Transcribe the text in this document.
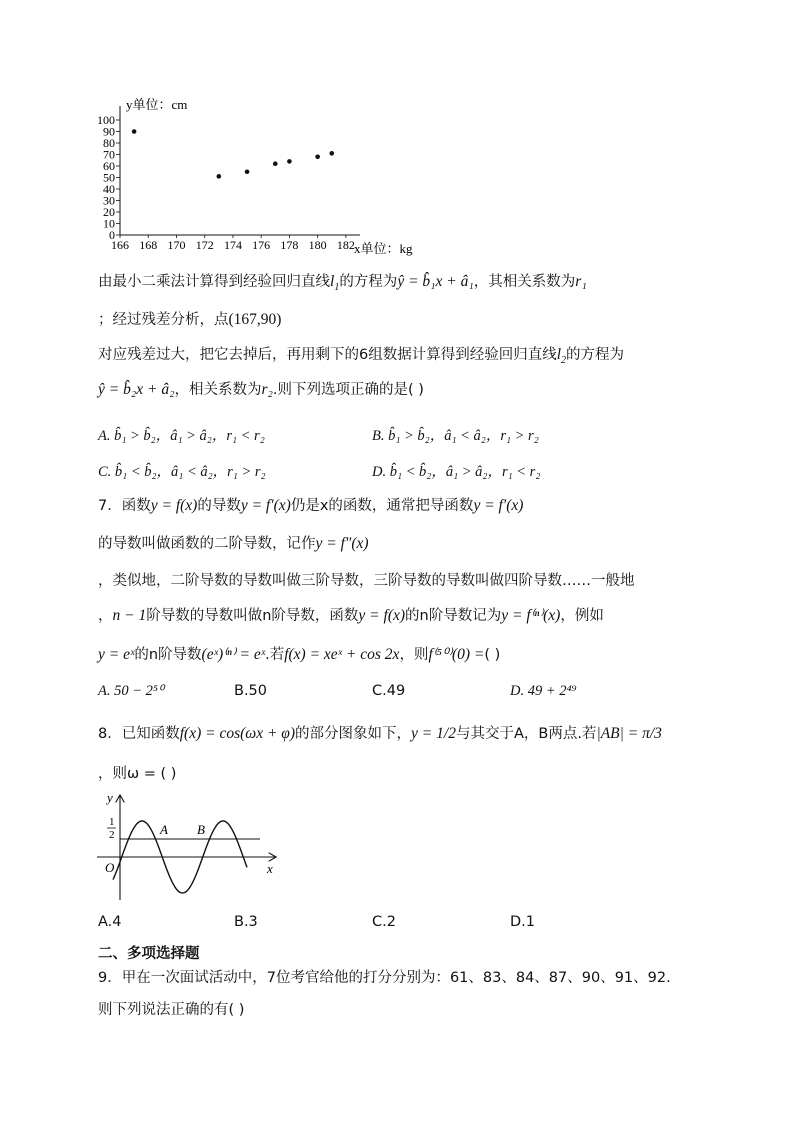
0
10
20
30
40
50
60
70
80
90
100
166 168 170 172 174 176 178 180 182
y单位：cm
x单位：kg
由最小二乘法计算得到经验回归直线$l_1$的方程为ŷ = b̂₁x + â₁，其相关系数为r₁
；经过残差分析，点(167,90)
对应残差过大，把它去掉后，再用剩下的6组数据计算得到经验回归直线$l_2$的方程为
ŷ = b̂₂x + â₂，相关系数为r₂.则下列选项正确的是( )
A. b̂₁ > b̂₂，â₁ > â₂，r₁ < r₂	B. b̂₁ > b̂₂，â₁ < â₂，r₁ > r₂
C. b̂₁ < b̂₂，â₁ < â₂，r₁ > r₂	D. b̂₁ < b̂₂，â₁ > â₂，r₁ < r₂
7．函数y = f(x)的导数y = f′(x)仍是x的函数，通常把导函数y = f′(x)
的导数叫做函数的二阶导数，记作y = f″(x)
，类似地，二阶导数的导数叫做三阶导数，三阶导数的导数叫做四阶导数……一般地
，n − 1阶导数的导数叫做n阶导数，函数y = f(x)的n阶导数记为y = f⁽ⁿ⁾(x)，例如
y = eˣ的n阶导数(eˣ)⁽ⁿ⁾ = eˣ.若f(x) = xeˣ + cos 2x，则f⁽⁵⁰⁾(0) =( )
A. 50 − 2⁵⁰	B.50	C.49	D. 49 + 2⁴⁹
8．已知函数f(x) = cos(ωx + φ)的部分图象如下，y = 1/2与其交于A，B两点.若|AB| = π/3
，则ω = ( )
y
x
O
1
2	A B
A.4	B.3	C.2	D.1
二、多项选择题
9．甲在一次面试活动中，7位考官给他的打分分别为：61、83、84、87、90、91、92.
则下列说法正确的有( )
